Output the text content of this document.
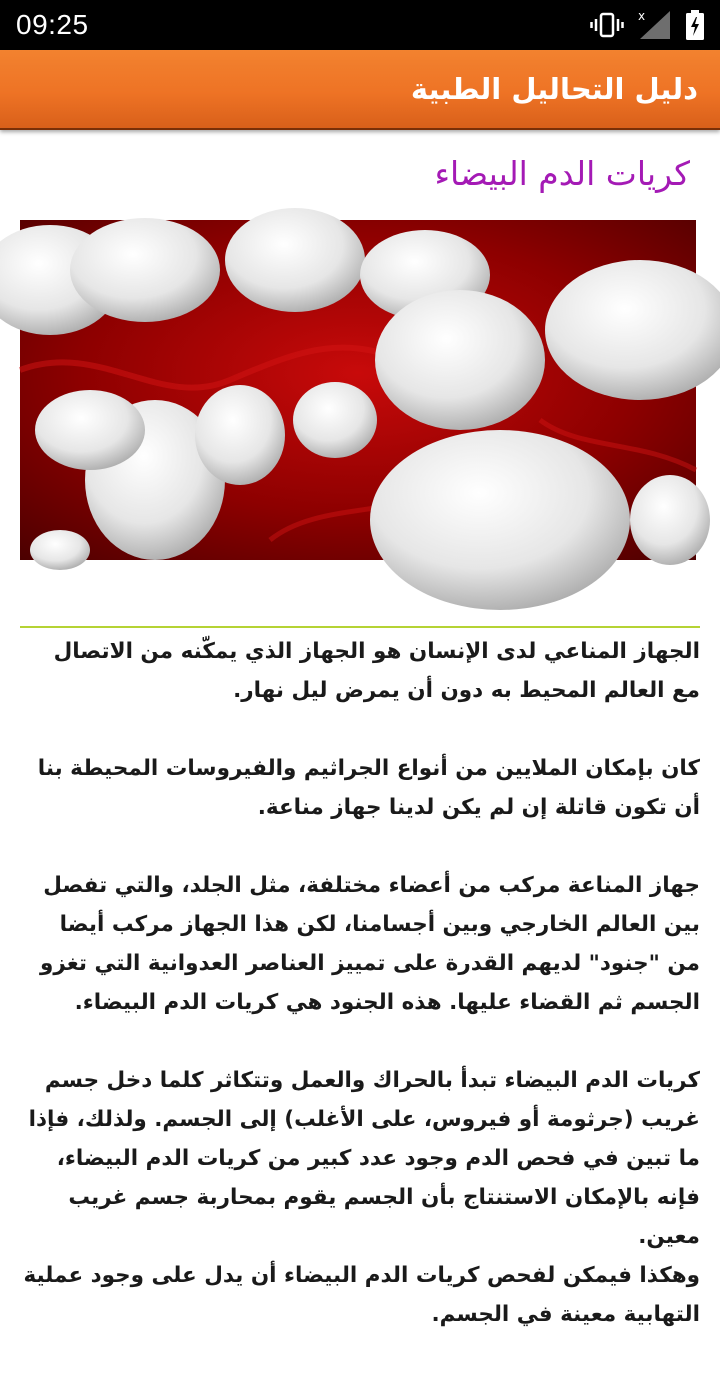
09:25	x
دليل التحاليل الطبية
كريات الدم البيضاء

الجهاز المناعي لدى الإنسان هو الجهاز الذي يمكّنه من الاتصال مع العالم المحيط به دون أن يمرض ليل نهار.

كان بإمكان الملايين من أنواع الجراثيم والفيروسات المحيطة بنا أن تكون قاتلة إن لم يكن لدينا جهاز مناعة.

جهاز المناعة مركب من أعضاء مختلفة، مثل الجلد، والتي تفصل بين العالم الخارجي وبين أجسامنا، لكن هذا الجهاز مركب أيضا من "جنود" لديهم القدرة على تمييز العناصر العدوانية التي تغزو الجسم ثم القضاء عليها. هذه الجنود هي كريات الدم البيضاء.

كريات الدم البيضاء تبدأ بالحراك والعمل وتتكاثر كلما دخل جسم غريب (جرثومة أو فيروس، على الأغلب) إلى الجسم. ولذلك، فإذا ما تبين في فحص الدم وجود عدد كبير من كريات الدم البيضاء، فإنه بالإمكان الاستنتاج بأن الجسم يقوم بمحاربة جسم غريب معين.

وهكذا فيمكن لفحص كريات الدم البيضاء أن يدل على وجود عملية التهابية معينة في الجسم.
